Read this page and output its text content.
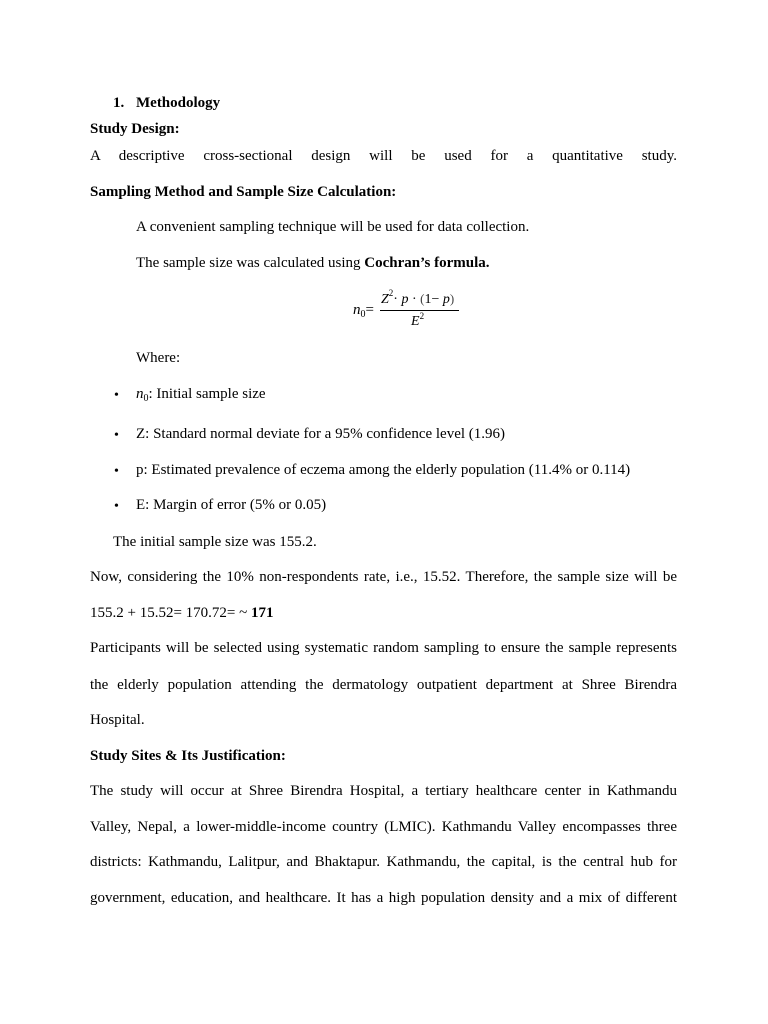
1. Methodology
Study Design:
A descriptive cross-sectional design will be used for a quantitative study.
Sampling Method and Sample Size Calculation:
A convenient sampling technique will be used for data collection.
The sample size was calculated using Cochran’s formula.
$n_0=$
$Z^2\cdot p \cdot (1- p)$
$E^2$
Where:
• $n_0$: Initial sample size
• Z: Standard normal deviate for a 95% confidence level (1.96)
• p: Estimated prevalence of eczema among the elderly population (11.4% or 0.114)
• E: Margin of error (5% or 0.05)
The initial sample size was 155.2.
Now, considering the 10% non-respondents rate, i.e., 15.52. Therefore, the sample size will be
155.2 + 15.52= 170.72= ~ 171
Participants will be selected using systematic random sampling to ensure the sample represents
the elderly population attending the dermatology outpatient department at Shree Birendra
Hospital.
Study Sites & Its Justification:
The study will occur at Shree Birendra Hospital, a tertiary healthcare center in Kathmandu
Valley, Nepal, a lower-middle-income country (LMIC). Kathmandu Valley encompasses three
districts: Kathmandu, Lalitpur, and Bhaktapur. Kathmandu, the capital, is the central hub for
government, education, and healthcare. It has a high population density and a mix of different
